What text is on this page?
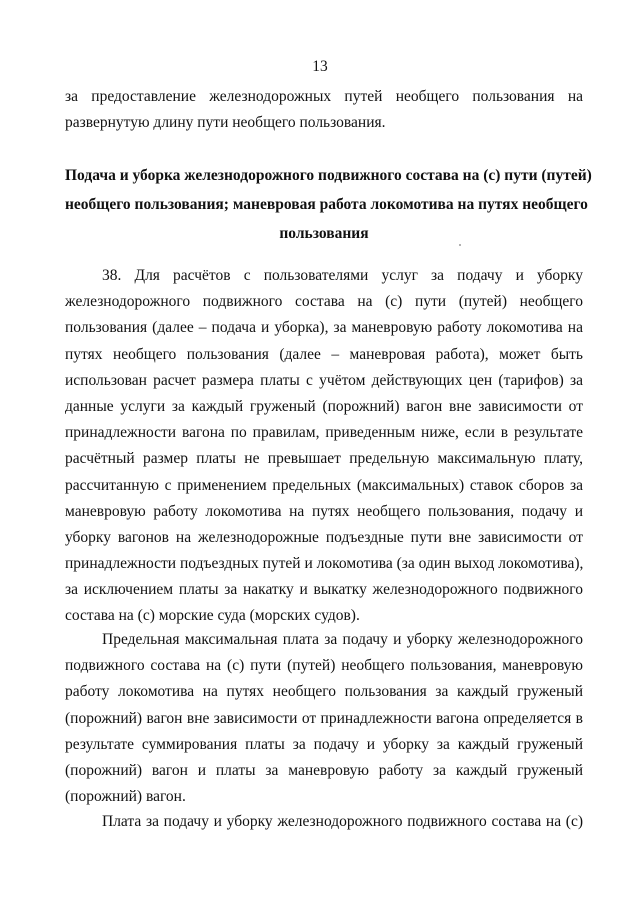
13
за предоставление железнодорожных путей необщего пользования на
развернутую длину пути необщего пользования.
Подача и уборка железнодорожного подвижного состава на (с) пути (путей)
необщего пользования; маневровая работа локомотива на путях необщего
пользования
38. Для расчётов с пользователями услуг за подачу и уборку
железнодорожного подвижного состава на (с) пути (путей) необщего
пользования (далее – подача и уборка), за маневровую работу локомотива на
путях необщего пользования (далее – маневровая работа), может быть
использован расчет размера платы с учётом действующих цен (тарифов) за
данные услуги за каждый груженый (порожний) вагон вне зависимости от
принадлежности вагона по правилам, приведенным ниже, если в результате
расчётный размер платы не превышает предельную максимальную плату,
рассчитанную с применением предельных (максимальных) ставок сборов за
маневровую работу локомотива на путях необщего пользования, подачу и
уборку вагонов на железнодорожные подъездные пути вне зависимости от
принадлежности подъездных путей и локомотива (за один выход локомотива),
за исключением платы за накатку и выкатку железнодорожного подвижного
состава на (с) морские суда (морских судов).
Предельная максимальная плата за подачу и уборку железнодорожного
подвижного состава на (с) пути (путей) необщего пользования, маневровую
работу локомотива на путях необщего пользования за каждый груженый
(порожний) вагон вне зависимости от принадлежности вагона определяется в
результате суммирования платы за подачу и уборку за каждый груженый
(порожний) вагон и платы за маневровую работу за каждый груженый
(порожний) вагон.
Плата за подачу и уборку железнодорожного подвижного состава на (с)
